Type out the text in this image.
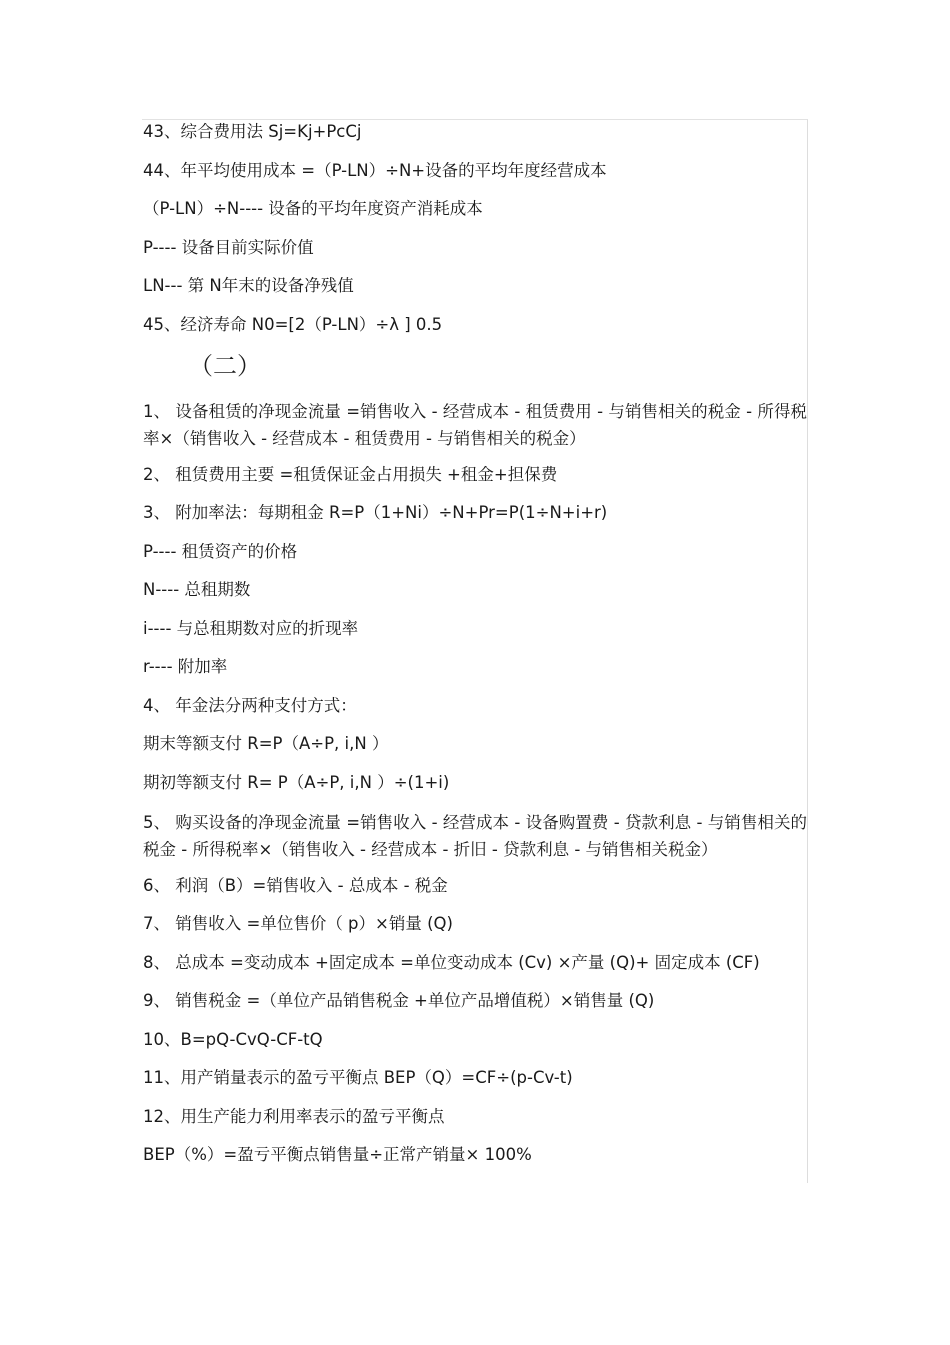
43、综合费用法 Sj=Kj+PcCj
44、年平均使用成本 =（P-LN）÷N+设备的平均年度经营成本
（P-LN）÷N---- 设备的平均年度资产消耗成本
P---- 设备目前实际价值
LN--- 第 N年末的设备净残值
45、经济寿命 N0=[2（P-LN）÷λ ] 0.5
（二）
1、 设备租赁的净现金流量 =销售收入 - 经营成本 - 租赁费用 - 与销售相关的税金 - 所得税率×（销售收入 - 经营成本 - 租赁费用 - 与销售相关的税金）
2、 租赁费用主要 =租赁保证金占用损失 +租金+担保费
3、 附加率法：每期租金 R=P（1+Ni）÷N+Pr=P(1÷N+i+r)
P---- 租赁资产的价格
N---- 总租期数
i---- 与总租期数对应的折现率
r---- 附加率
4、 年金法分两种支付方式：
期末等额支付 R=P（A÷P, i,N ）
期初等额支付 R= P（A÷P, i,N ）÷(1+i)
5、 购买设备的净现金流量 =销售收入 - 经营成本 - 设备购置费 - 贷款利息 - 与销售相关的税金 - 所得税率×（销售收入 - 经营成本 - 折旧 - 贷款利息 - 与销售相关税金）
6、 利润（B）=销售收入 - 总成本 - 税金
7、 销售收入 =单位售价（ p）×销量 (Q)
8、 总成本 =变动成本 +固定成本 =单位变动成本 (Cv) ×产量 (Q)+ 固定成本 (CF)
9、 销售税金 =（单位产品销售税金 +单位产品增值税）×销售量 (Q)
10、B=pQ-CvQ-CF-tQ
11、用产销量表示的盈亏平衡点 BEP（Q）=CF÷(p-Cv-t)
12、用生产能力利用率表示的盈亏平衡点
BEP（%）=盈亏平衡点销售量÷正常产销量× 100%
